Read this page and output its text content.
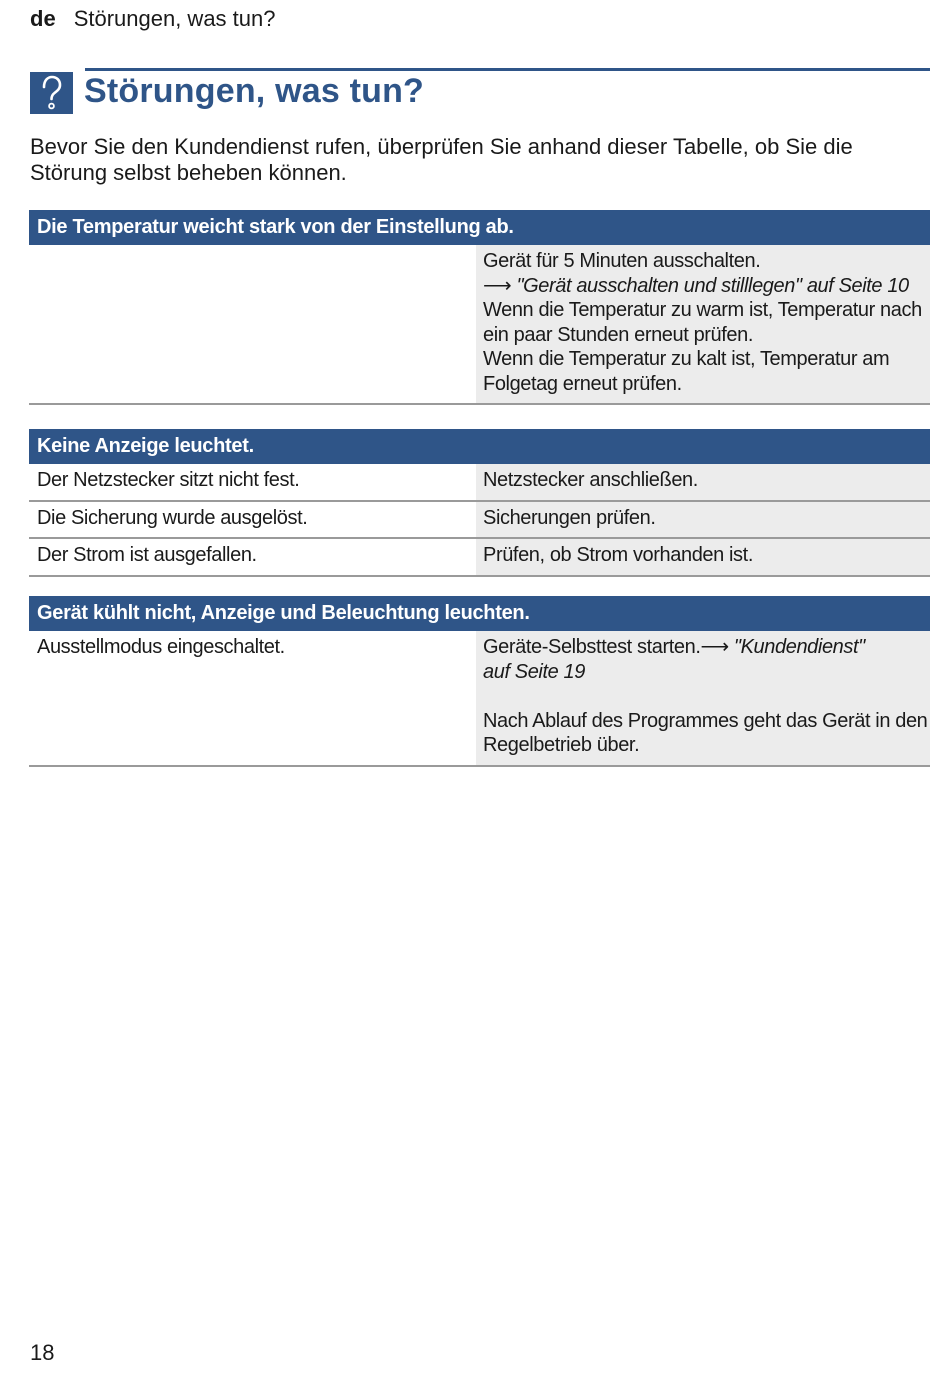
de Störungen, was tun?
Störungen, was tun?

Bevor Sie den Kundendienst rufen, überprüfen Sie anhand dieser Tabelle, ob Sie die Störung selbst beheben können.

Die Temperatur weicht stark von der Einstellung ab.
Gerät für 5 Minuten ausschalten.
⟶ "Gerät ausschalten und stilllegen" auf Seite 10
Wenn die Temperatur zu warm ist, Temperatur nach
ein paar Stunden erneut prüfen.
Wenn die Temperatur zu kalt ist, Temperatur am
Folgetag erneut prüfen.
Keine Anzeige leuchtet.
Der Netzstecker sitzt nicht fest.	Netzstecker anschließen.
Die Sicherung wurde ausgelöst.	Sicherungen prüfen.
Der Strom ist ausgefallen.	Prüfen, ob Strom vorhanden ist.
Gerät kühlt nicht, Anzeige und Beleuchtung leuchten.
Ausstellmodus eingeschaltet.	Geräte-Selbsttest starten.⟶ "Kundendienst"
auf Seite 19
Nach Ablauf des Programmes geht das Gerät in den
Regelbetrieb über.
18
